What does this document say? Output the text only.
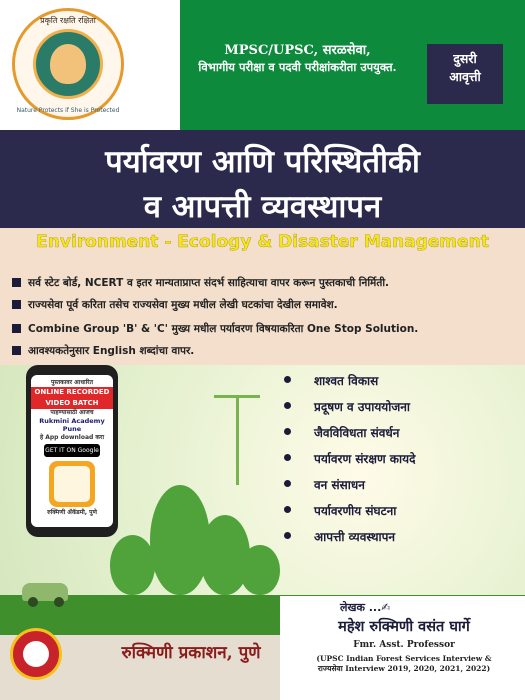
प्रकृति रक्षति रक्षिता
Nature Protects if She is Protected
MPSC/UPSC, सरळसेवा,
विभागीय परीक्षा व पदवी परीक्षांकरीता उपयुक्त.
दुसरी
आवृत्ती
पर्यावरण आणि परिस्थितीकी
व आपत्ती व्यवस्थापन
Environment - Ecology & Disaster Management
सर्व स्टेट बोर्ड, NCERT व इतर मान्यताप्राप्त संदर्भ साहित्याचा वापर करून पुस्तकाची निर्मिती.
राज्यसेवा पूर्व करिता तसेच राज्यसेवा मुख्य मधील लेखी घटकांचा देखील समावेश.
Combine Group 'B' & 'C' मुख्य मधील पर्यावरण विषयाकरिता One Stop Solution.
आवश्यकतेनुसार English शब्दांचा वापर.
पुस्तकावर आधारित
ONLINE RECORDED
VIDEO BATCH
पाहण्यासाठी आजच
Rukmini Academy Pune
हे App download करा
GET IT ON Google
रुक्मिणी ॲकॅडमी, पुणे
शाश्वत विकास
प्रदूषण व उपाययोजना
जैवविविधता संवर्धन
पर्यावरण संरक्षण कायदे
वन संसाधन
पर्यावरणीय संघटना
आपत्ती व्यवस्थापन
रुक्मिणी प्रकाशन, पुणे
लेखक ...✍
महेश रुक्मिणी वसंत घार्गे
Fmr. Asst. Professor
(UPSC Indian Forest Services Interview &
राज्यसेवा Interview 2019, 2020, 2021, 2022)
